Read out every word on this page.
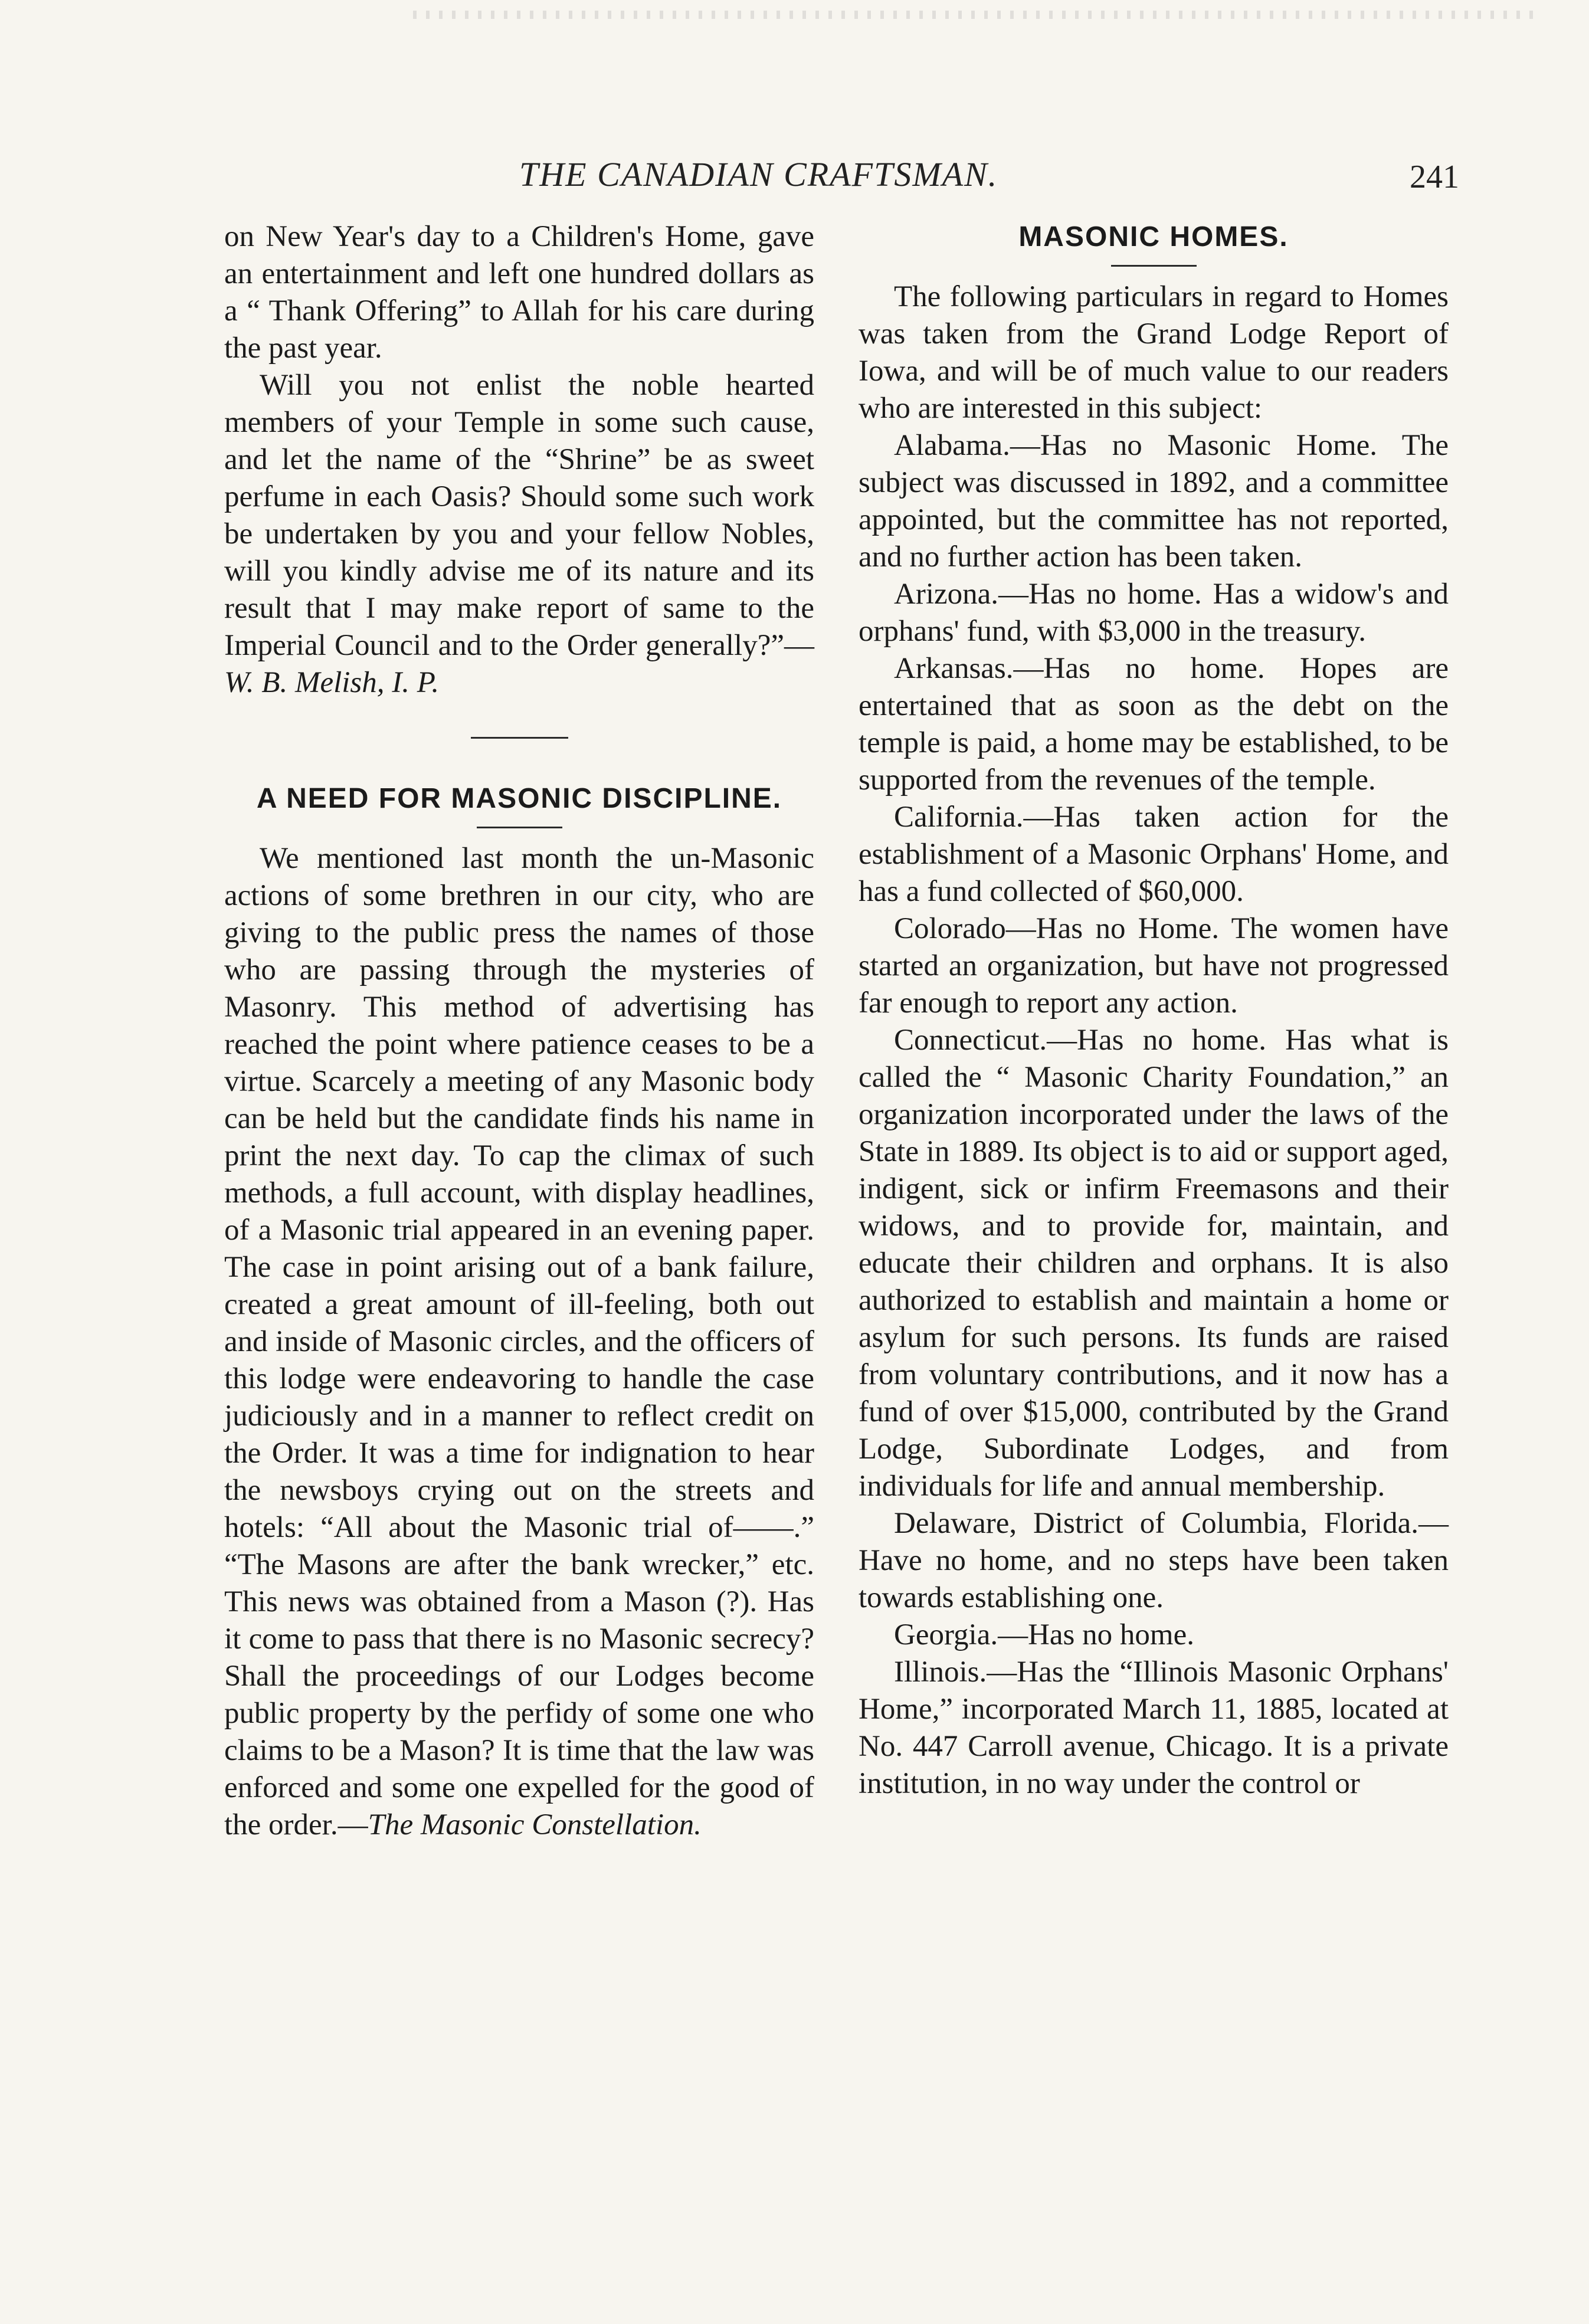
THE CANADIAN CRAFTSMAN.	241

on New Year's day to a Children's Home, gave an entertainment and left one hundred dollars as a “ Thank Offering” to Allah for his care during the past year.

Will you not enlist the noble hearted members of your Temple in some such cause, and let the name of the “Shrine” be as sweet perfume in each Oasis? Should some such work be undertaken by you and your fellow Nobles, will you kindly advise me of its nature and its result that I may make report of same to the Imperial Council and to the Order generally?”—W. B. Melish, I. P.

A NEED FOR MASONIC DISCIPLINE.

We mentioned last month the un-Masonic actions of some brethren in our city, who are giving to the public press the names of those who are passing through the mysteries of Masonry. This method of advertising has reached the point where patience ceases to be a virtue. Scarcely a meeting of any Masonic body can be held but the candidate finds his name in print the next day. To cap the climax of such methods, a full account, with display headlines, of a Masonic trial appeared in an evening paper. The case in point arising out of a bank failure, created a great amount of ill-feeling, both out and inside of Masonic circles, and the officers of this lodge were endeavoring to handle the case judiciously and in a manner to reflect credit on the Order. It was a time for indignation to hear the newsboys crying out on the streets and hotels: “All about the Masonic trial of——.” “The Masons are after the bank wrecker,” etc. This news was obtained from a Mason (?). Has it come to pass that there is no Masonic secrecy? Shall the proceedings of our Lodges become public property by the perfidy of some one who claims to be a Mason? It is time that the law was enforced and some one expelled for the good of the order.—The Masonic Constellation.

MASONIC HOMES.

The following particulars in regard to Homes was taken from the Grand Lodge Report of Iowa, and will be of much value to our readers who are interested in this subject:

Alabama.—Has no Masonic Home. The subject was discussed in 1892, and a committee appointed, but the committee has not reported, and no further action has been taken.

Arizona.—Has no home. Has a widow's and orphans' fund, with $3,000 in the treasury.

Arkansas.—Has no home. Hopes are entertained that as soon as the debt on the temple is paid, a home may be established, to be supported from the revenues of the temple.

California.—Has taken action for the establishment of a Masonic Orphans' Home, and has a fund collected of $60,000.

Colorado—Has no Home. The women have started an organization, but have not progressed far enough to report any action.

Connecticut.—Has no home. Has what is called the “ Masonic Charity Foundation,” an organization incorporated under the laws of the State in 1889. Its object is to aid or support aged, indigent, sick or infirm Freemasons and their widows, and to provide for, maintain, and educate their children and orphans. It is also authorized to establish and maintain a home or asylum for such persons. Its funds are raised from voluntary contributions, and it now has a fund of over $15,000, contributed by the Grand Lodge, Subordinate Lodges, and from individuals for life and annual membership.

Delaware, District of Columbia, Florida.—Have no home, and no steps have been taken towards establishing one.

Georgia.—Has no home.

Illinois.—Has the “Illinois Masonic Orphans' Home,” incorporated March 11, 1885, located at No. 447 Carroll avenue, Chicago. It is a private institution, in no way under the control or
